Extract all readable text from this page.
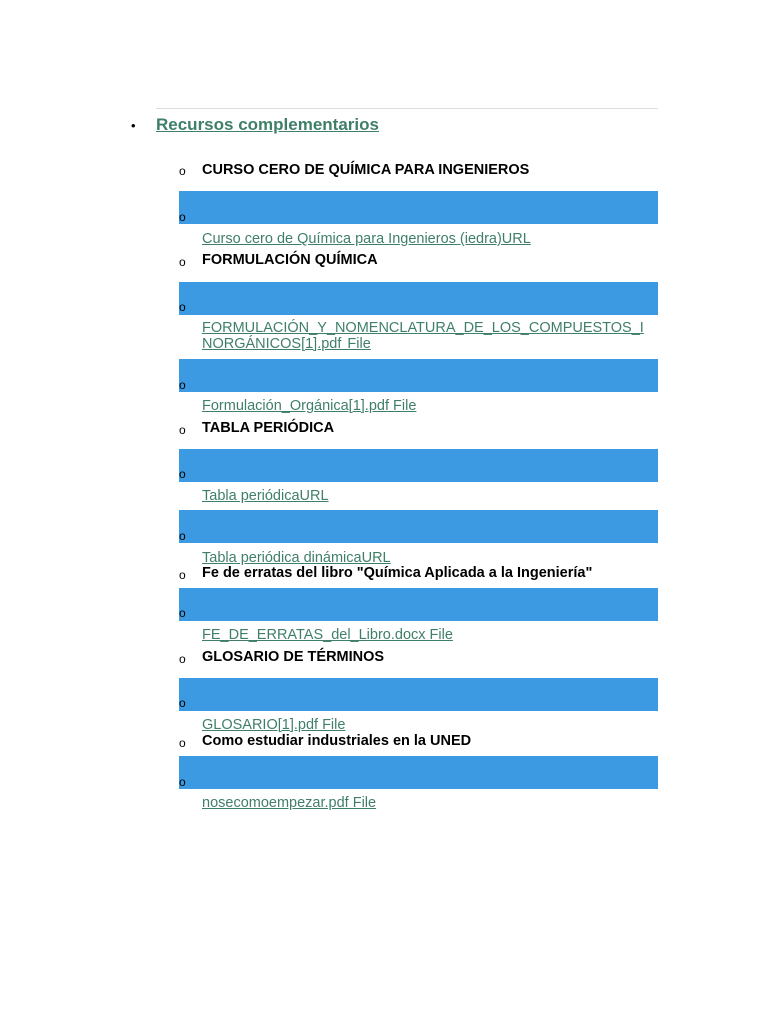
• Recursos complementarios
o CURSO CERO DE QUÍMICA PARA INGENIEROS
o
Curso cero de Química para Ingenieros (iedra)URL
o FORMULACIÓN QUÍMICA
o
FORMULACIÓN_Y_NOMENCLATURA_DE_LOS_COMPUESTOS_I NORGÁNICOS[1].pdf File
o
Formulación_Orgánica[1].pdf File
o TABLA PERIÓDICA
o
Tabla periódicaURL
o
Tabla periódica dinámicaURL
o Fe de erratas del libro "Química Aplicada a la Ingeniería"
o
FE_DE_ERRATAS_del_Libro.docx File
o GLOSARIO DE TÉRMINOS
o
GLOSARIO[1].pdf File
o Como estudiar industriales en la UNED
o
nosecomoempezar.pdf File
